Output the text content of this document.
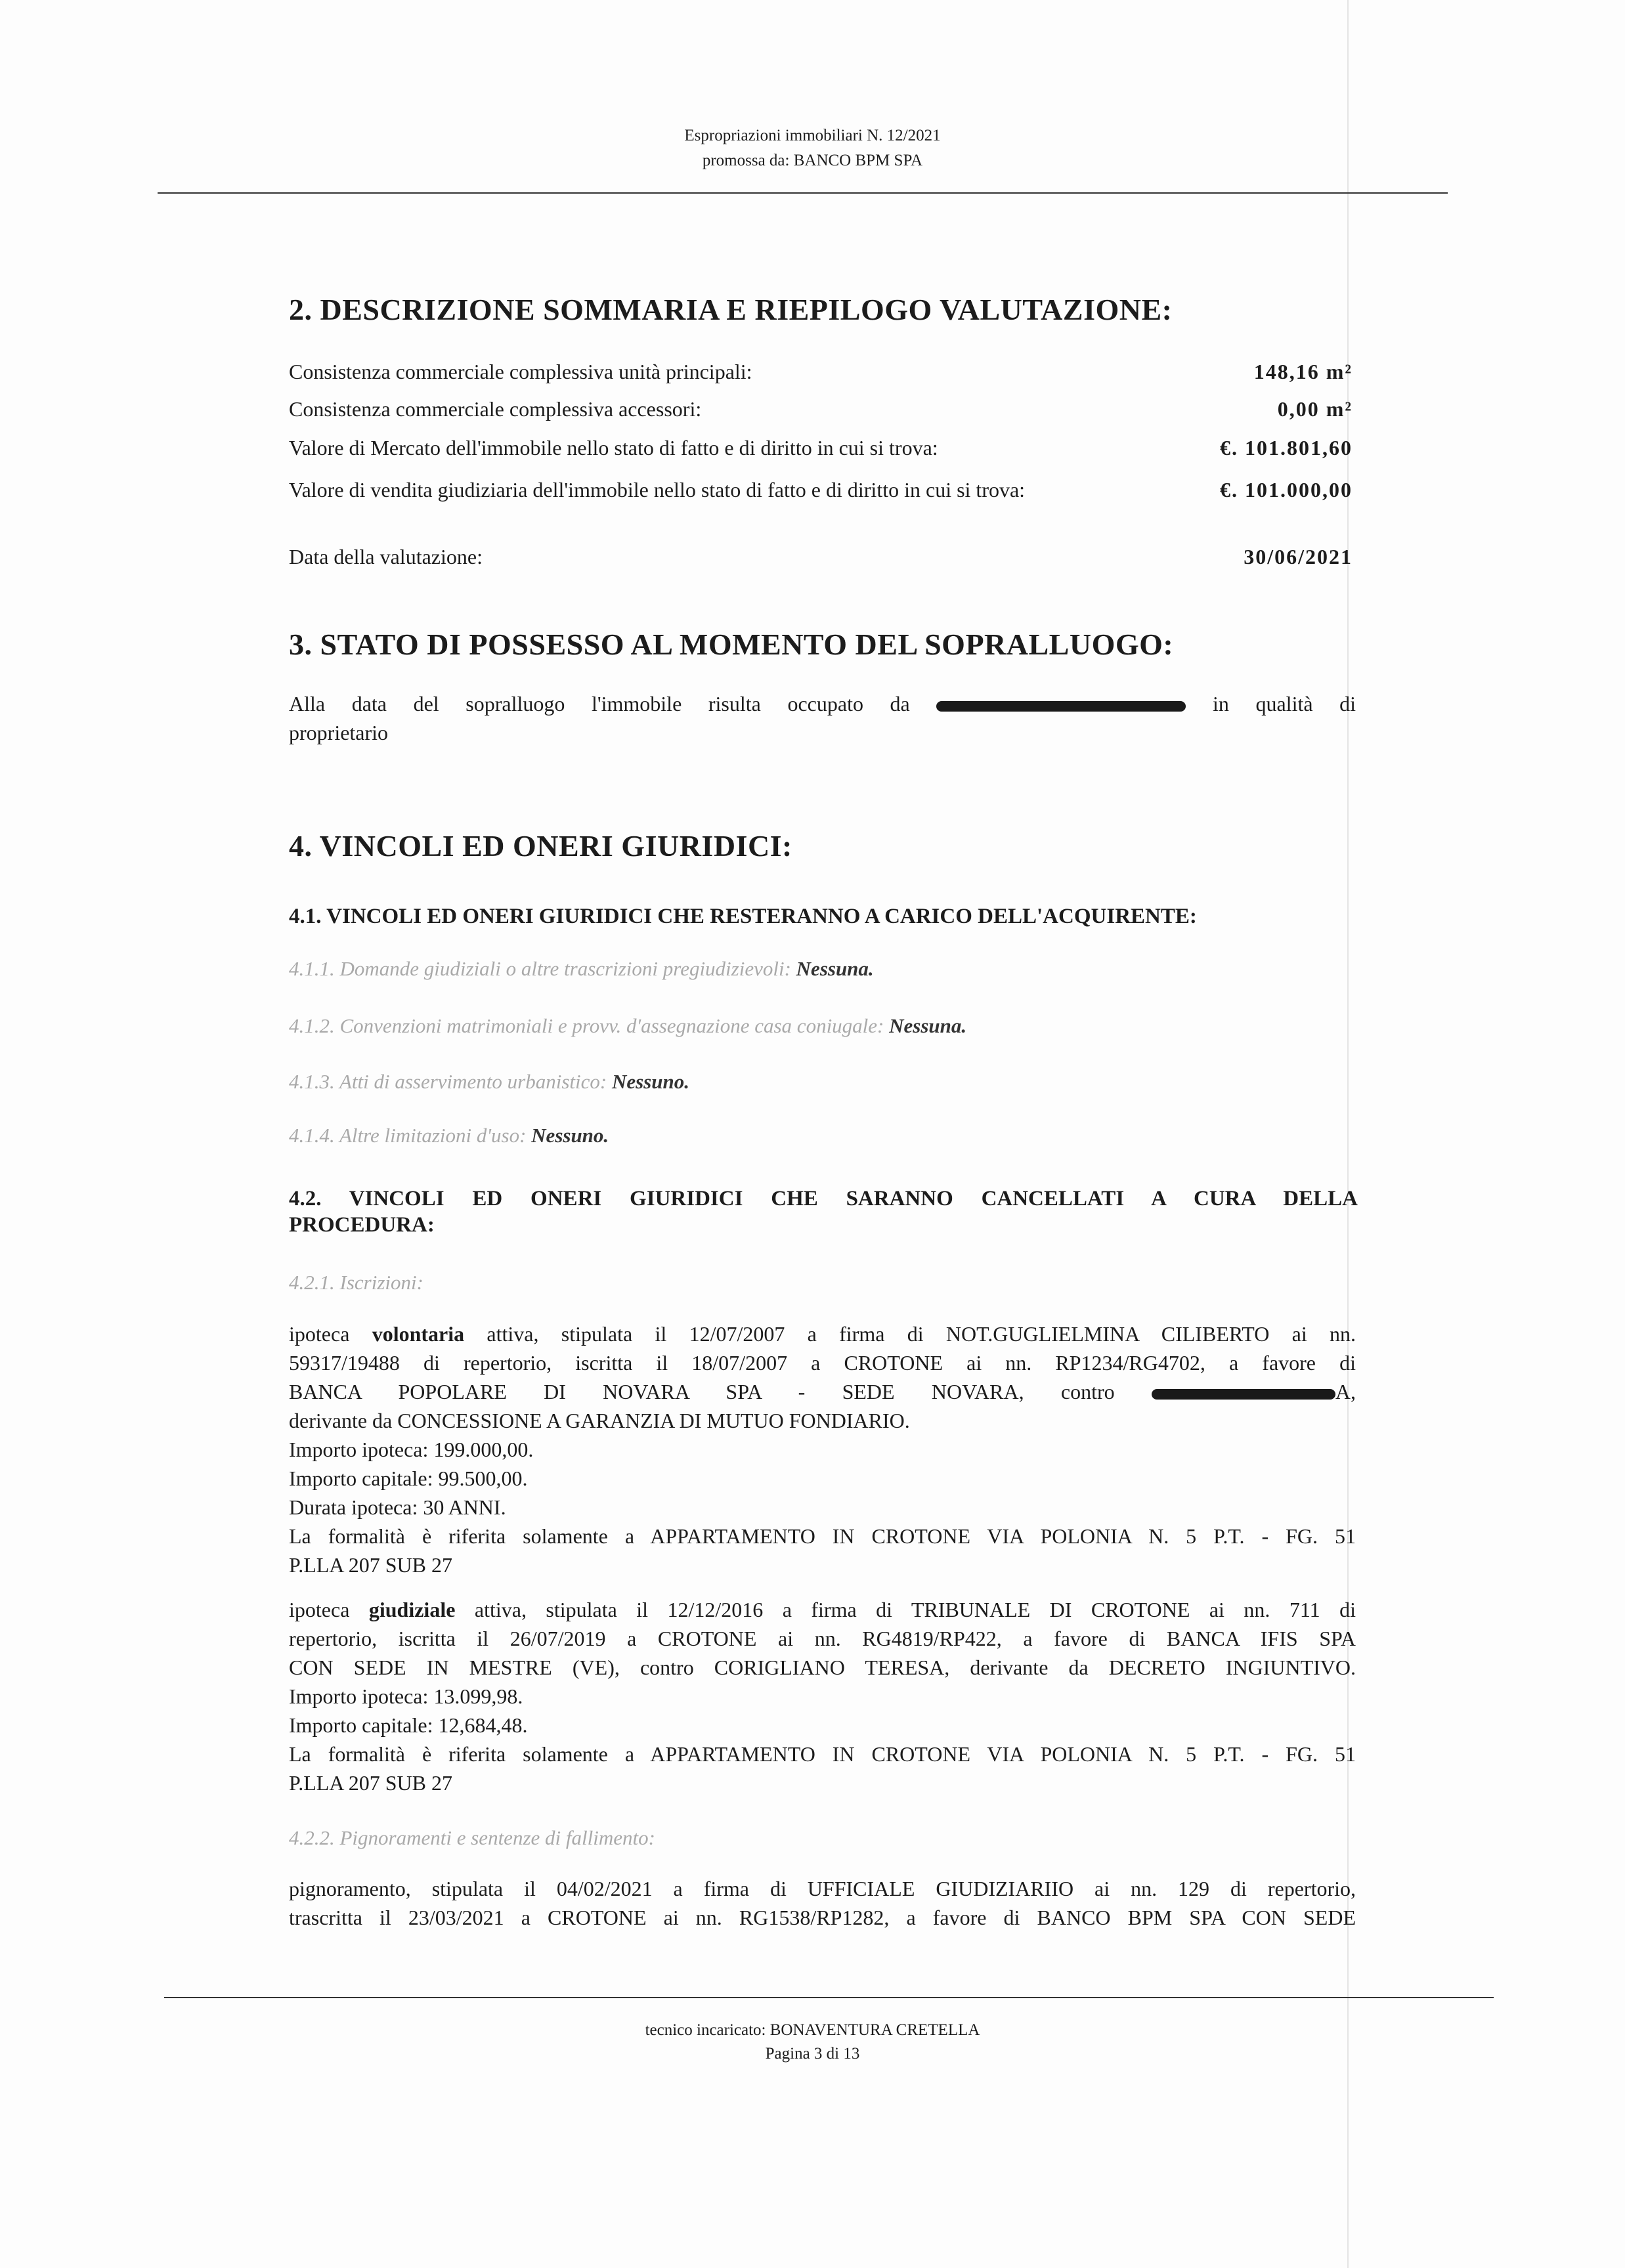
Espropriazioni immobiliari N. 12/2021
promossa da: BANCO BPM SPA
2. DESCRIZIONE SOMMARIA E RIEPILOGO VALUTAZIONE:
Consistenza commerciale complessiva unità principali:	148,16 m²
Consistenza commerciale complessiva accessori:	0,00 m²
Valore di Mercato dell'immobile nello stato di fatto e di diritto in cui si trova:	€. 101.801,60
Valore di vendita giudiziaria dell'immobile nello stato di fatto e di diritto in cui si trova:	€. 101.000,00
Data della valutazione:	30/06/2021
3. STATO DI POSSESSO AL MOMENTO DEL SOPRALLUOGO:
Alla data del sopralluogo l'immobile risulta occupato da	in qualità di
proprietario
4. VINCOLI ED ONERI GIURIDICI:
4.1. VINCOLI ED ONERI GIURIDICI CHE RESTERANNO A CARICO DELL'ACQUIRENTE:
4.1.1. Domande giudiziali o altre trascrizioni pregiudizievoli: Nessuna.
4.1.2. Convenzioni matrimoniali e provv. d'assegnazione casa coniugale: Nessuna.
4.1.3. Atti di asservimento urbanistico: Nessuno.
4.1.4. Altre limitazioni d'uso: Nessuno.
4.2. VINCOLI ED ONERI GIURIDICI CHE SARANNO CANCELLATI A CURA DELLA
PROCEDURA:
4.2.1. Iscrizioni:
ipoteca volontaria attiva, stipulata il 12/07/2007 a firma di NOT.GUGLIELMINA CILIBERTO ai nn.
59317/19488 di repertorio, iscritta il 18/07/2007 a CROTONE ai nn. RP1234/RG4702, a favore di
BANCA POPOLARE DI NOVARA SPA - SEDE NOVARA, contro	A,
derivante da CONCESSIONE A GARANZIA DI MUTUO FONDIARIO.
Importo ipoteca: 199.000,00.
Importo capitale: 99.500,00.
Durata ipoteca: 30 ANNI.
La formalità è riferita solamente a APPARTAMENTO IN CROTONE VIA POLONIA N. 5 P.T. - FG. 51
P.LLA 207 SUB 27
ipoteca giudiziale attiva, stipulata il 12/12/2016 a firma di TRIBUNALE DI CROTONE ai nn. 711 di
repertorio, iscritta il 26/07/2019 a CROTONE ai nn. RG4819/RP422, a favore di BANCA IFIS SPA
CON SEDE IN MESTRE (VE), contro CORIGLIANO TERESA, derivante da DECRETO INGIUNTIVO.
Importo ipoteca: 13.099,98.
Importo capitale: 12,684,48.
La formalità è riferita solamente a APPARTAMENTO IN CROTONE VIA POLONIA N. 5 P.T. - FG. 51
P.LLA 207 SUB 27
4.2.2. Pignoramenti e sentenze di fallimento:
pignoramento, stipulata il 04/02/2021 a firma di UFFICIALE GIUDIZIARIIO ai nn. 129 di repertorio,
trascritta il 23/03/2021 a CROTONE ai nn. RG1538/RP1282, a favore di BANCO BPM SPA CON SEDE
tecnico incaricato: BONAVENTURA CRETELLA
Pagina 3 di 13
